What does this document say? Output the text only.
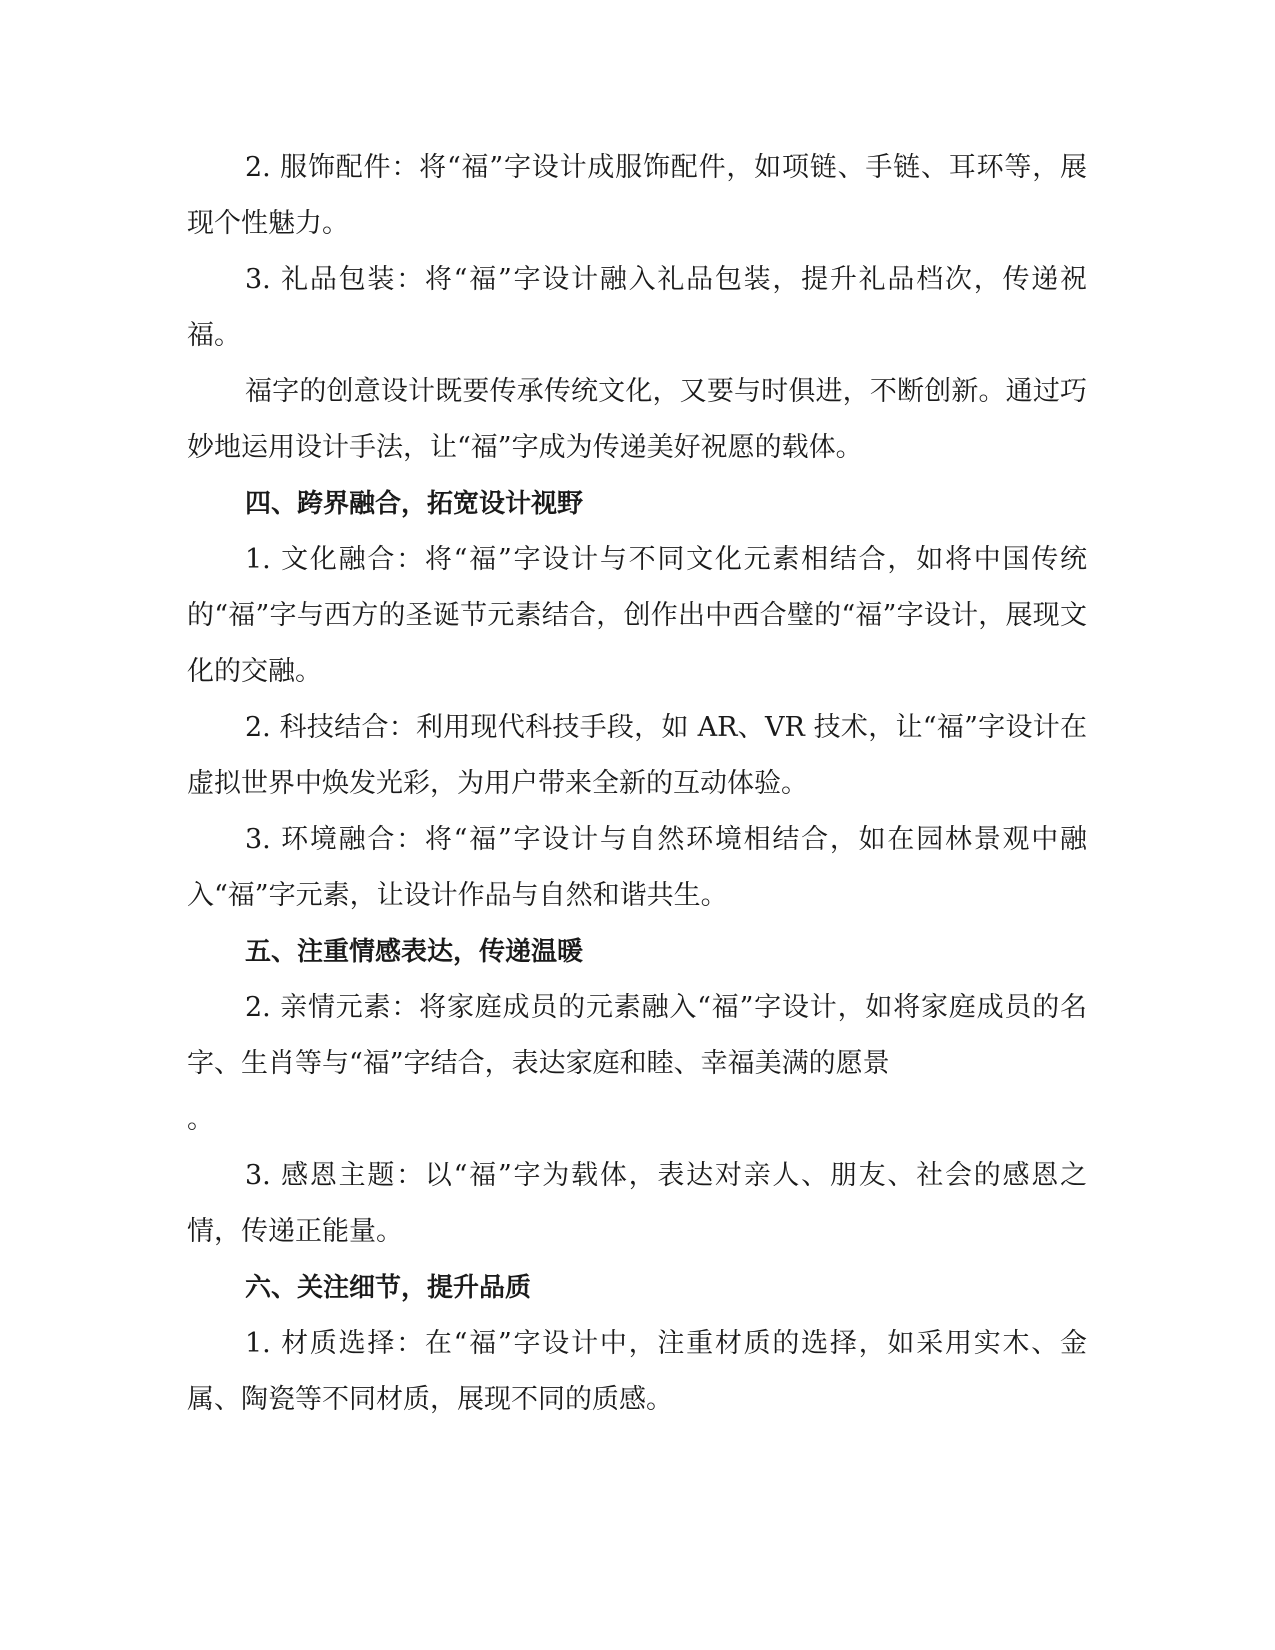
2. 服饰配件：将“福”字设计成服饰配件，如项链、手链、耳环等，展现个性魅力。

3. 礼品包装：将“福”字设计融入礼品包装，提升礼品档次，传递祝福。

福字的创意设计既要传承传统文化，又要与时俱进，不断创新。通过巧妙地运用设计手法，让“福”字成为传递美好祝愿的载体。

四、跨界融合，拓宽设计视野

1. 文化融合：将“福”字设计与不同文化元素相结合，如将中国传统的“福”字与西方的圣诞节元素结合，创作出中西合璧的“福”字设计，展现文化的交融。

2. 科技结合：利用现代科技手段，如 AR、VR 技术，让“福”字设计在虚拟世界中焕发光彩，为用户带来全新的互动体验。

3. 环境融合：将“福”字设计与自然环境相结合，如在园林景观中融入“福”字元素，让设计作品与自然和谐共生。

五、注重情感表达，传递温暖

2. 亲情元素：将家庭成员的元素融入“福”字设计，如将家庭成员的名字、生肖等与“福”字结合，表达家庭和睦、幸福美满的愿景

。

3. 感恩主题：以“福”字为载体，表达对亲人、朋友、社会的感恩之情，传递正能量。

六、关注细节，提升品质

1. 材质选择：在“福”字设计中，注重材质的选择，如采用实木、金属、陶瓷等不同材质，展现不同的质感。
